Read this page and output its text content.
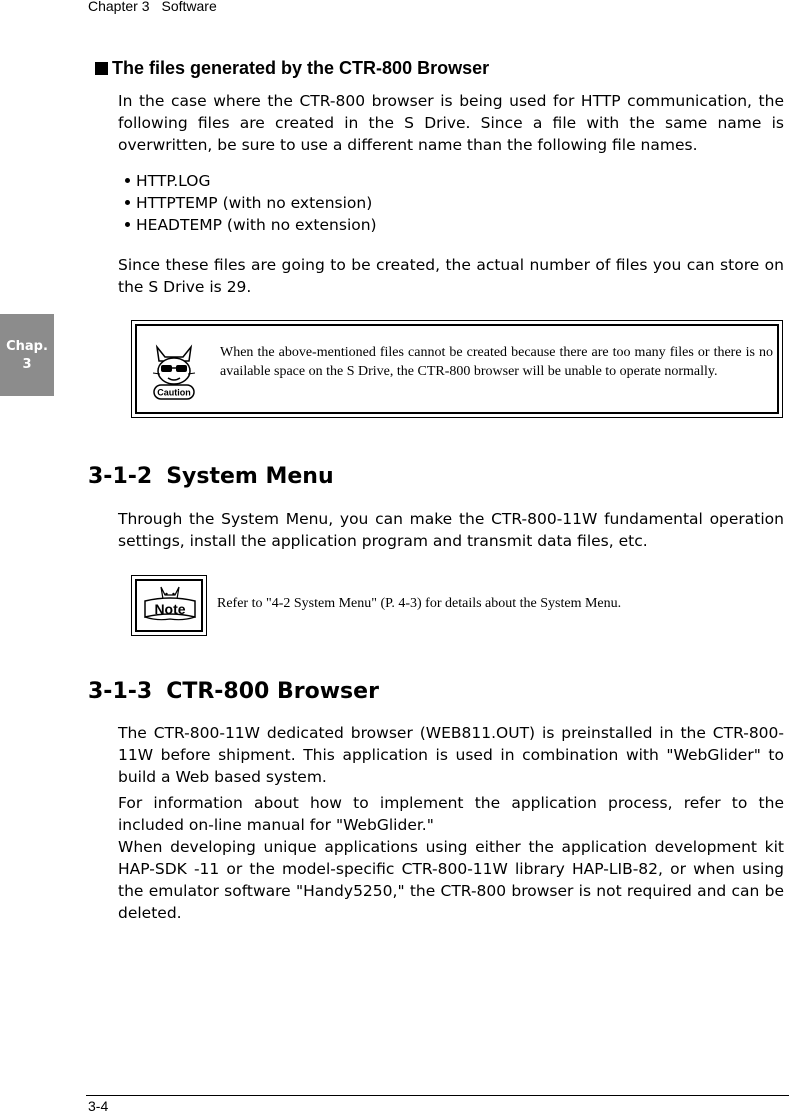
Chapter 3 Software
Chap.
3
The files generated by the CTR-800 Browser
In the case where the CTR-800 browser is being used for HTTP communication, the following files are created in the S Drive. Since a file with the same name is overwritten, be sure to use a different name than the following file names.
HTTP.LOG
HTTPTEMP (with no extension)
HEADTEMP (with no extension)
Since these files are going to be created, the actual number of files you can store on the S Drive is 29.
Caution
When the above-mentioned files cannot be created because there are too many files or there is no available space on the S Drive, the CTR-800 browser will be unable to operate normally.
3-1-2 System Menu
Through the System Menu, you can make the CTR-800-11W fundamental operation settings, install the application program and transmit data files, etc.
Note Refer to "4-2 System Menu" (P. 4-3) for details about the System Menu.
3-1-3 CTR-800 Browser
The CTR-800-11W dedicated browser (WEB811.OUT) is preinstalled in the CTR-800-11W before shipment. This application is used in combination with "WebGlider" to build a Web based system.
For information about how to implement the application process, refer to the included on-line manual for "WebGlider."
When developing unique applications using either the application development kit HAP-SDK -11 or the model-specific CTR-800-11W library HAP-LIB-82, or when using the emulator software "Handy5250," the CTR-800 browser is not required and can be deleted.
3-4
